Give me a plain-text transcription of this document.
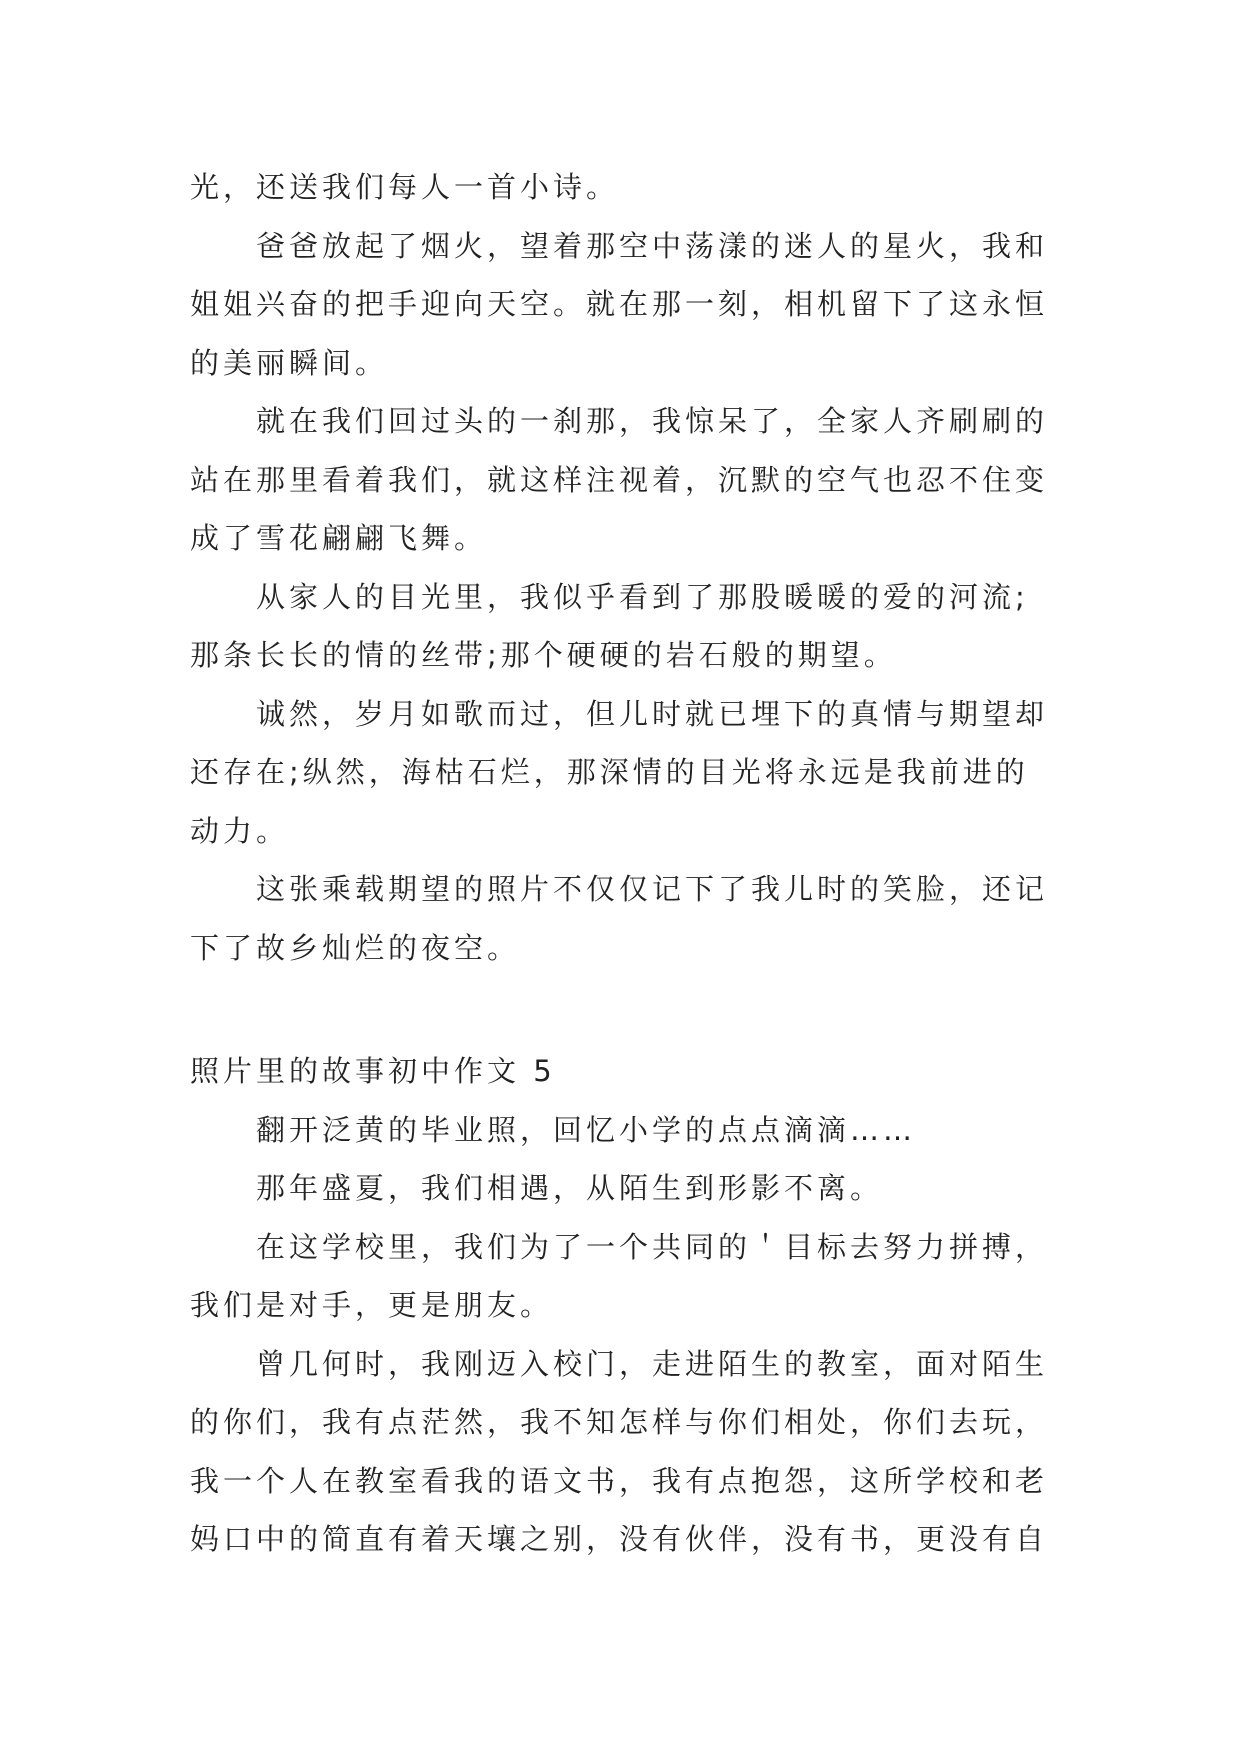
光，还送我们每人一首小诗。
爸爸放起了烟火，望着那空中荡漾的迷人的星火，我和
姐姐兴奋的把手迎向天空。就在那一刻，相机留下了这永恒
的美丽瞬间。
就在我们回过头的一刹那，我惊呆了，全家人齐刷刷的
站在那里看着我们，就这样注视着，沉默的空气也忍不住变
成了雪花翩翩飞舞。
从家人的目光里，我似乎看到了那股暖暖的爱的河流;
那条长长的情的丝带;那个硬硬的岩石般的期望。
诚然，岁月如歌而过，但儿时就已埋下的真情与期望却
还存在;纵然，海枯石烂，那深情的目光将永远是我前进的
动力。
这张乘载期望的照片不仅仅记下了我儿时的笑脸，还记
下了故乡灿烂的夜空。
照片里的故事初中作文 5
翻开泛黄的毕业照，回忆小学的点点滴滴……
那年盛夏，我们相遇，从陌生到形影不离。
在这学校里，我们为了一个共同的＇目标去努力拼搏，
我们是对手，更是朋友。
曾几何时，我刚迈入校门，走进陌生的教室，面对陌生
的你们，我有点茫然，我不知怎样与你们相处，你们去玩，
我一个人在教室看我的语文书，我有点抱怨，这所学校和老
妈口中的简直有着天壤之别，没有伙伴，没有书，更没有自
